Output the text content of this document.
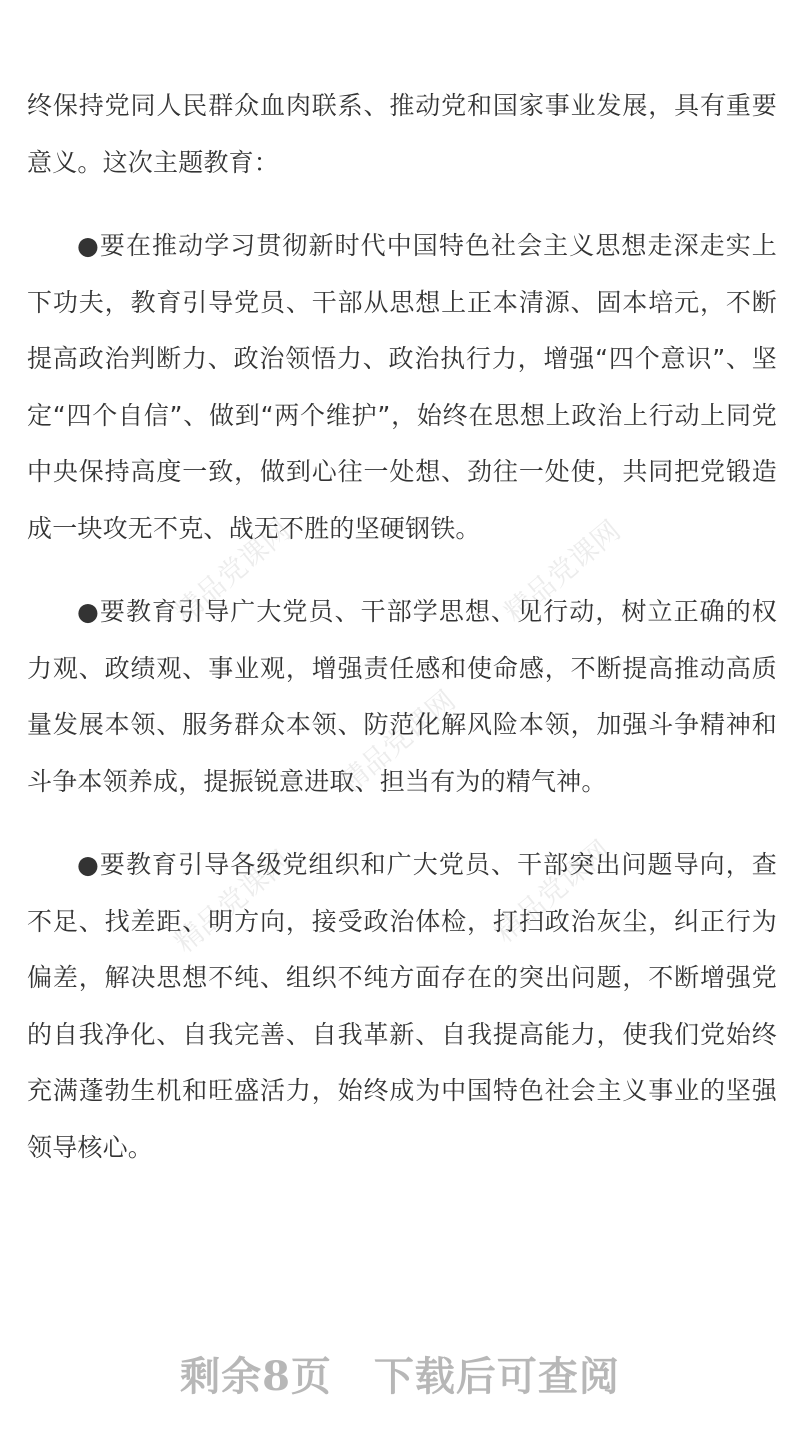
精品党课网	精品党课网
精品党课网
精品党课网	精品党课网

终保持党同人民群众血肉联系、推动党和国家事业发展，具有重要意义。这次主题教育：

●要在推动学习贯彻新时代中国特色社会主义思想走深走实上下功夫，教育引导党员、干部从思想上正本清源、固本培元，不断提高政治判断力、政治领悟力、政治执行力，增强“四个意识”、坚定“四个自信”、做到“两个维护”，始终在思想上政治上行动上同党中央保持高度一致，做到心往一处想、劲往一处使，共同把党锻造成一块攻无不克、战无不胜的坚硬钢铁。

●要教育引导广大党员、干部学思想、见行动，树立正确的权力观、政绩观、事业观，增强责任感和使命感，不断提高推动高质量发展本领、服务群众本领、防范化解风险本领，加强斗争精神和斗争本领养成，提振锐意进取、担当有为的精气神。

●要教育引导各级党组织和广大党员、干部突出问题导向，查不足、找差距、明方向，接受政治体检，打扫政治灰尘，纠正行为偏差，解决思想不纯、组织不纯方面存在的突出问题，不断增强党的自我净化、自我完善、自我革新、自我提高能力，使我们党始终充满蓬勃生机和旺盛活力，始终成为中国特色社会主义事业的坚强领导核心。

剩余8页 下载后可查阅
